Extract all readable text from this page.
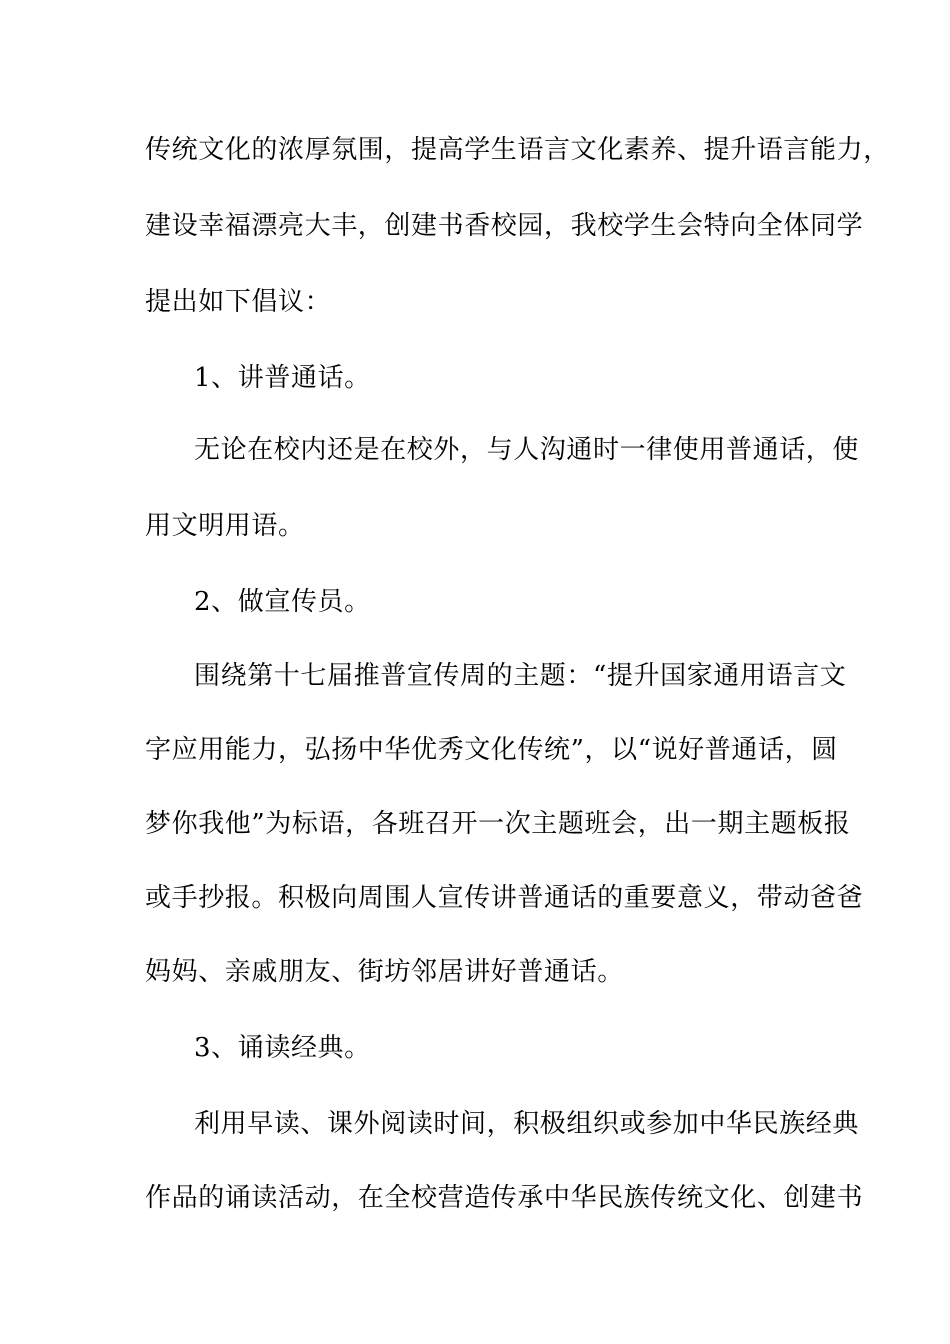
传统文化的浓厚氛围，提高学生语言文化素养、提升语言能力，
建设幸福漂亮大丰，创建书香校园，我校学生会特向全体同学
提出如下倡议：
1、讲普通话。
无论在校内还是在校外，与人沟通时一律使用普通话，使
用文明用语。
2、做宣传员。
围绕第十七届推普宣传周的主题：“提升国家通用语言文
字应用能力，弘扬中华优秀文化传统”，以“说好普通话，圆
梦你我他”为标语，各班召开一次主题班会，出一期主题板报
或手抄报。积极向周围人宣传讲普通话的重要意义，带动爸爸
妈妈、亲戚朋友、街坊邻居讲好普通话。
3、诵读经典。
利用早读、课外阅读时间，积极组织或参加中华民族经典
作品的诵读活动，在全校营造传承中华民族传统文化、创建书
